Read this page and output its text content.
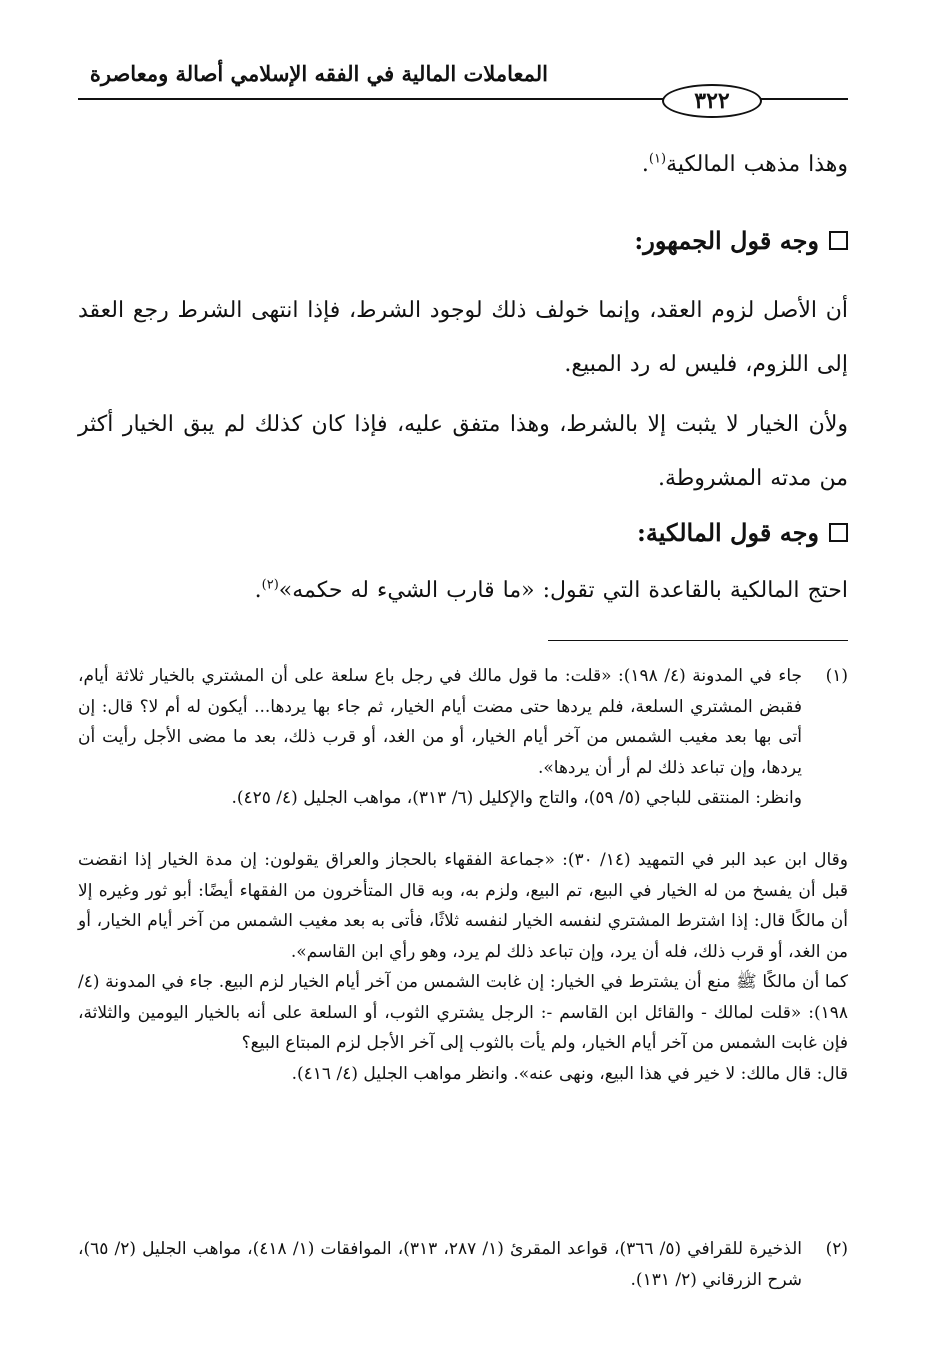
المعاملات المالية في الفقه الإسلامي أصالة ومعاصرة
٣٢٢
وهذا مذهب المالكية$^{(١)}$.
وجه قول الجمهور:
أن الأصل لزوم العقد، وإنما خولف ذلك لوجود الشرط، فإذا انتهى الشرط رجع العقد إلى اللزوم، فليس له رد المبيع.
ولأن الخيار لا يثبت إلا بالشرط، وهذا متفق عليه، فإذا كان كذلك لم يبق الخيار أكثر من مدته المشروطة.
وجه قول المالكية:
احتج المالكية بالقاعدة التي تقول: «ما قارب الشيء له حكمه»$^{(٢)}$.
(١)

جاء في المدونة (٤/ ١٩٨): «قلت: ما قول مالك في رجل باع سلعة على أن المشتري بالخيار ثلاثة أيام، فقبض المشتري السلعة، فلم يردها حتى مضت أيام الخيار، ثم جاء بها يردها... أيكون له أم لا؟ قال: إن أتى بها بعد مغيب الشمس من آخر أيام الخيار، أو من الغد، أو قرب ذلك، بعد ما مضى الأجل رأيت أن يردها، وإن تباعد ذلك لم أر أن يردها».

وانظر: المنتقى للباجي (٥/ ٥٩)، والتاج والإكليل (٦/ ٣١٣)، مواهب الجليل (٤/ ٤٢٥).

وقال ابن عبد البر في التمهيد (١٤/ ٣٠): «جماعة الفقهاء بالحجاز والعراق يقولون: إن مدة الخيار إذا انقضت قبل أن يفسخ من له الخيار في البيع، تم البيع، ولزم به، وبه قال المتأخرون من الفقهاء أيضًا: أبو ثور وغيره إلا أن مالكًا قال: إذا اشترط المشتري لنفسه الخيار لنفسه ثلاثًا، فأتى به بعد مغيب الشمس من آخر أيام الخيار، أو من الغد، أو قرب ذلك، فله أن يرد، وإن تباعد ذلك لم يرد، وهو رأي ابن القاسم».

كما أن مالكًا ﷺ منع أن يشترط في الخيار: إن غابت الشمس من آخر أيام الخيار لزم البيع. جاء في المدونة (٤/ ١٩٨): «قلت لمالك - والقائل ابن القاسم -: الرجل يشتري الثوب، أو السلعة على أنه بالخيار اليومين والثلاثة، فإن غابت الشمس من آخر أيام الخيار، ولم يأت بالثوب إلى آخر الأجل لزم المبتاع البيع؟

قال: قال مالك: لا خير في هذا البيع، ونهى عنه». وانظر مواهب الجليل (٤/ ٤١٦).

(٢)

الذخيرة للقرافي (٥/ ٣٦٦)، قواعد المقرئ (١/ ٢٨٧، ٣١٣)، الموافقات (١/ ٤١٨)، مواهب الجليل (٢/ ٦٥)، شرح الزرقاني (٢/ ١٣١).
